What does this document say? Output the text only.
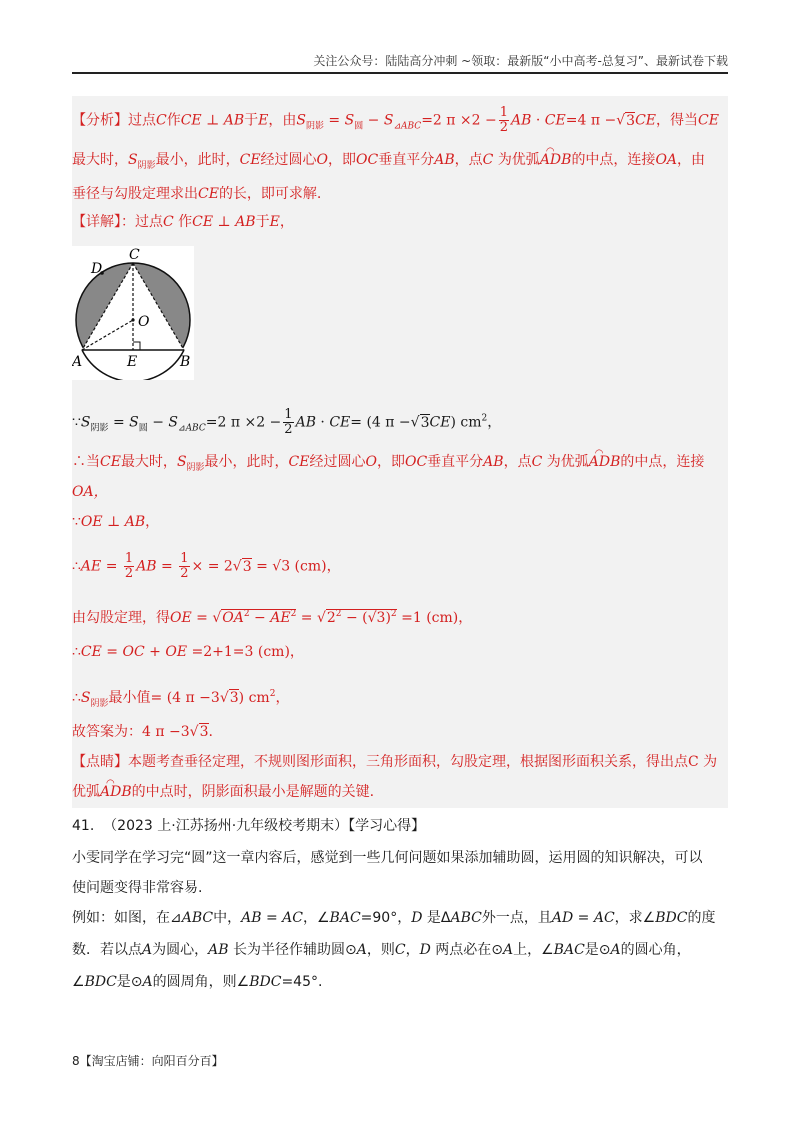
关注公众号：陆陆高分冲刺 ~领取：最新版“小中高考-总复习”、最新试卷下载
【分析】过点C作CE ⊥ AB于E，由$S_{阴影} = S_圆 - S_{⊿ABC}=2$ $\pi \times 2 - \frac{1}{2}$ AB · CE=4 π −√3CE，得当CE
最大时，$S_{阴影}$最小，此时，CE经过圆心O，即OC垂直平分AB，点C 为优弧◠ ADB的中点，连接OA，由
垂径与勾股定理求出CE的长，即可求解.
【详解】：过点C 作CE ⊥ AB于E，
C
D
O
A	E	B
$\because S_{阴影} = S_圆 - S_{⊿ABC}=2$ $\pi \times 2 - \frac{1}{2}$ AB · CE= (4 π −√3CE) $cm^2$，
∴当CE最大时，$S_{阴影}$最小，此时，CE经过圆心O，即OC垂直平分AB，点C 为优弧◠ ADB的中点，连接
OA，
∵OE ⊥ AB，
∴AE = $\frac{1}{2}$ AB = $\frac{1}{2}$ × = 2√3 = √3 (cm)，
由勾股定理，得OE = $√OA^2 - AE^2 = √2^2 - (√3)^2 =1$ (cm)，
∴CE = OC + OE =2+1=3 (cm)，
$\therefore S_{阴影}$最小值= (4 π −3√3) $cm^2$，
故答案为：4 π −3√3.
【点睛】本题考查垂径定理，不规则图形面积，三角形面积，勾股定理，根据图形面积关系，得出点C 为
优弧◠ ADB的中点时，阴影面积最小是解题的关键.
41. （2023 上·江苏扬州·九年级校考期末）【学习心得】
小雯同学在学习完“圆”这一章内容后，感觉到一些几何问题如果添加辅助圆，运用圆的知识解决，可以
使问题变得非常容易.
例如：如图，在⊿ABC中，AB = AC，∠BAC=90°，D 是ΔABC外一点，且AD = AC，求∠BDC的度
数．若以点A为圆心，AB 长为半径作辅助圆⊙A，则C，D 两点必在⊙A上，∠BAC是⊙A的圆心角，
∠BDC是⊙A的圆周角，则∠BDC=45°.
8【淘宝店铺：向阳百分百】
